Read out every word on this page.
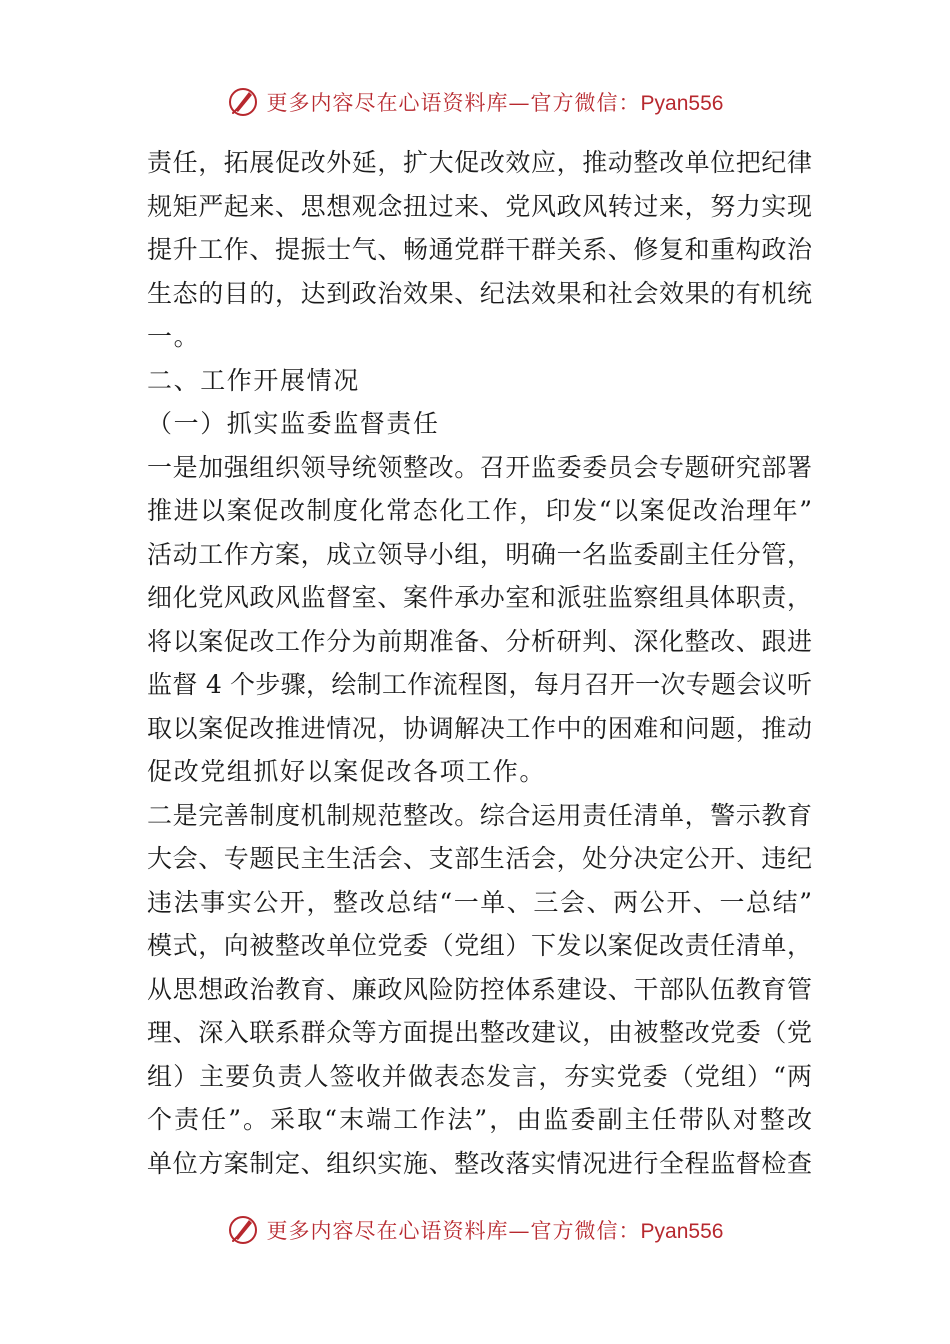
更多内容尽在心语资料库—官方微信：Pyan556
责任，拓展促改外延，扩大促改效应，推动整改单位把纪律
规矩严起来、思想观念扭过来、党风政风转过来，努力实现
提升工作、提振士气、畅通党群干群关系、修复和重构政治
生态的目的，达到政治效果、纪法效果和社会效果的有机统
一。
二、工作开展情况
（一）抓实监委监督责任
一是加强组织领导统领整改。召开监委委员会专题研究部署
推进以案促改制度化常态化工作，印发“以案促改治理年”
活动工作方案，成立领导小组，明确一名监委副主任分管，
细化党风政风监督室、案件承办室和派驻监察组具体职责，
将以案促改工作分为前期准备、分析研判、深化整改、跟进
监督 4 个步骤，绘制工作流程图，每月召开一次专题会议听
取以案促改推进情况，协调解决工作中的困难和问题，推动
促改党组抓好以案促改各项工作。
二是完善制度机制规范整改。综合运用责任清单，警示教育
大会、专题民主生活会、支部生活会，处分决定公开、违纪
违法事实公开，整改总结“一单、三会、两公开、一总结”
模式，向被整改单位党委（党组）下发以案促改责任清单，
从思想政治教育、廉政风险防控体系建设、干部队伍教育管
理、深入联系群众等方面提出整改建议，由被整改党委（党
组）主要负责人签收并做表态发言，夯实党委（党组）“两
个责任”。采取“末端工作法”，由监委副主任带队对整改
单位方案制定、组织实施、整改落实情况进行全程监督检查
更多内容尽在心语资料库—官方微信：Pyan556
